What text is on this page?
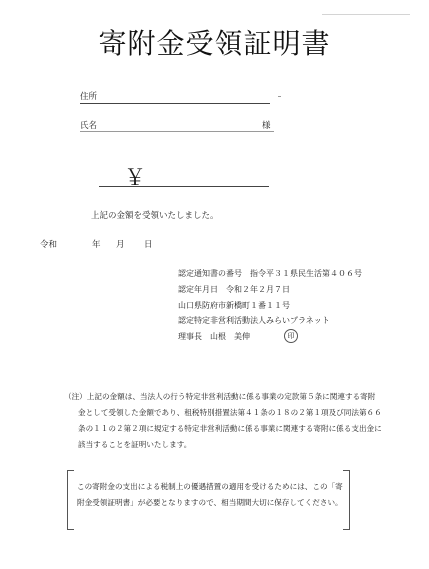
寄附金受領証明書
住所
氏名	様
￥
上記の金額を受領いたしました。
令和	年 月 日
認定通知書の番号　指令平３１県民生活第４０６号
認定年月日　令和２年２月７日
山口県防府市新橋町１番１１号
認定特定非営利活動法人みらいプラネット
理事長　山根　美伸	印
（注）上記の金額は、当法人の行う特定非営利活動に係る事業の定款第５条に関連する寄附金として受領した金額であり、租税特別措置法第４１条の１８の２第１項及び同法第６６条の１１の２第２項に規定する特定非営利活動に係る事業に関連する寄附に係る支出金に該当することを証明いたします。
この寄附金の支出による税制上の優遇措置の適用を受けるためには、この「寄附金受領証明書」が必要となりますので、相当期間大切に保存してください。
